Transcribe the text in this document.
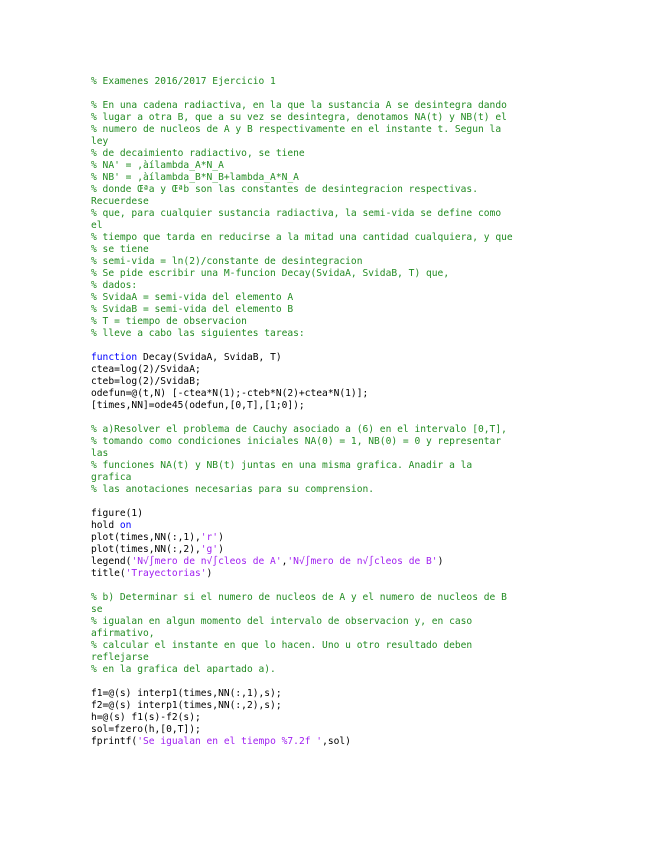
% Examenes 2016/2017 Ejercicio 1
% En una cadena radiactiva, en la que la sustancia A se desintegra dando
% lugar a otra B, que a su vez se desintegra, denotamos NA(t) y NB(t) el
% numero de nucleos de A y B respectivamente en el instante t. Segun la
ley
% de decaimiento radiactivo, se tiene
% NA' = ‚àílambda_A*N_A
% NB' = ‚àílambda_B*N_B+lambda_A*N_A
% donde Œªa y Œªb son las constantes de desintegracion respectivas.
Recuerdese
% que, para cualquier sustancia radiactiva, la semi-vida se define como
el
% tiempo que tarda en reducirse a la mitad una cantidad cualquiera, y que
% se tiene
% semi-vida = ln(2)/constante de desintegracion
% Se pide escribir una M-funcion Decay(SvidaA, SvidaB, T) que,
% dados:
% SvidaA = semi-vida del elemento A
% SvidaB = semi-vida del elemento B
% T = tiempo de observacion
% lleve a cabo las siguientes tareas:
function Decay(SvidaA, SvidaB, T)
ctea=log(2)/SvidaA;
cteb=log(2)/SvidaB;
odefun=@(t,N) [-ctea*N(1);-cteb*N(2)+ctea*N(1)];
[times,NN]=ode45(odefun,[0,T],[1;0]);
% a)Resolver el problema de Cauchy asociado a (6) en el intervalo [0,T],
% tomando como condiciones iniciales NA(0) = 1, NB(0) = 0 y representar
las
% funciones NA(t) y NB(t) juntas en una misma grafica. Anadir a la
grafica
% las anotaciones necesarias para su comprension.
figure(1)
hold on
plot(times,NN(:,1),'r')
plot(times,NN(:,2),'g')
legend('N√∫mero de n√∫cleos de A','N√∫mero de n√∫cleos de B')
title('Trayectorias')
% b) Determinar si el numero de nucleos de A y el numero de nucleos de B
se
% igualan en algun momento del intervalo de observacion y, en caso
afirmativo,
% calcular el instante en que lo hacen. Uno u otro resultado deben
reflejarse
% en la grafica del apartado a).
f1=@(s) interp1(times,NN(:,1),s);
f2=@(s) interp1(times,NN(:,2),s);
h=@(s) f1(s)-f2(s);
sol=fzero(h,[0,T]);
fprintf('Se igualan en el tiempo %7.2f ',sol)
